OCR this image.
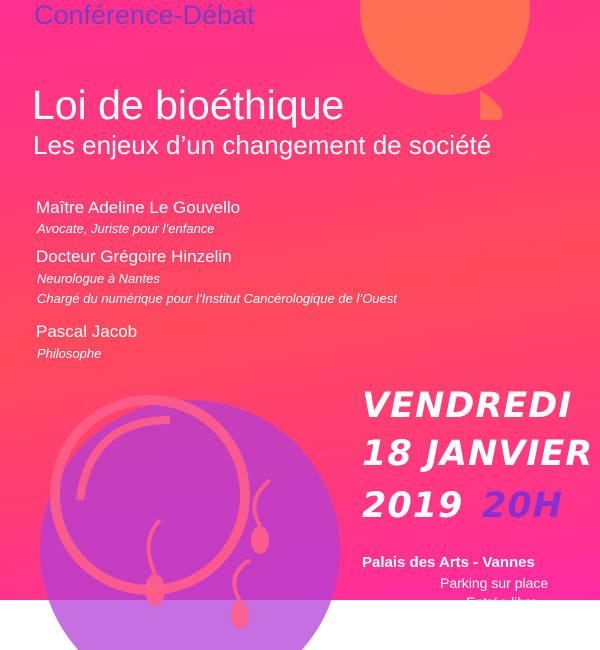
Conférence-Débat

Loi de bioéthique
Les enjeux d’un changement de société

Maître Adeline Le Gouvello

Avocate, Juriste pour l’enfance

Docteur Grégoire Hinzelin

Neurologue à Nantes

Chargé du numérique pour l’Institut Cancérologique de l’Ouest

Pascal Jacob

Philosophe

VENDREDI

18 JANVIER

2019 20H

Palais des Arts - Vannes

Parking sur place

Entrée libre
